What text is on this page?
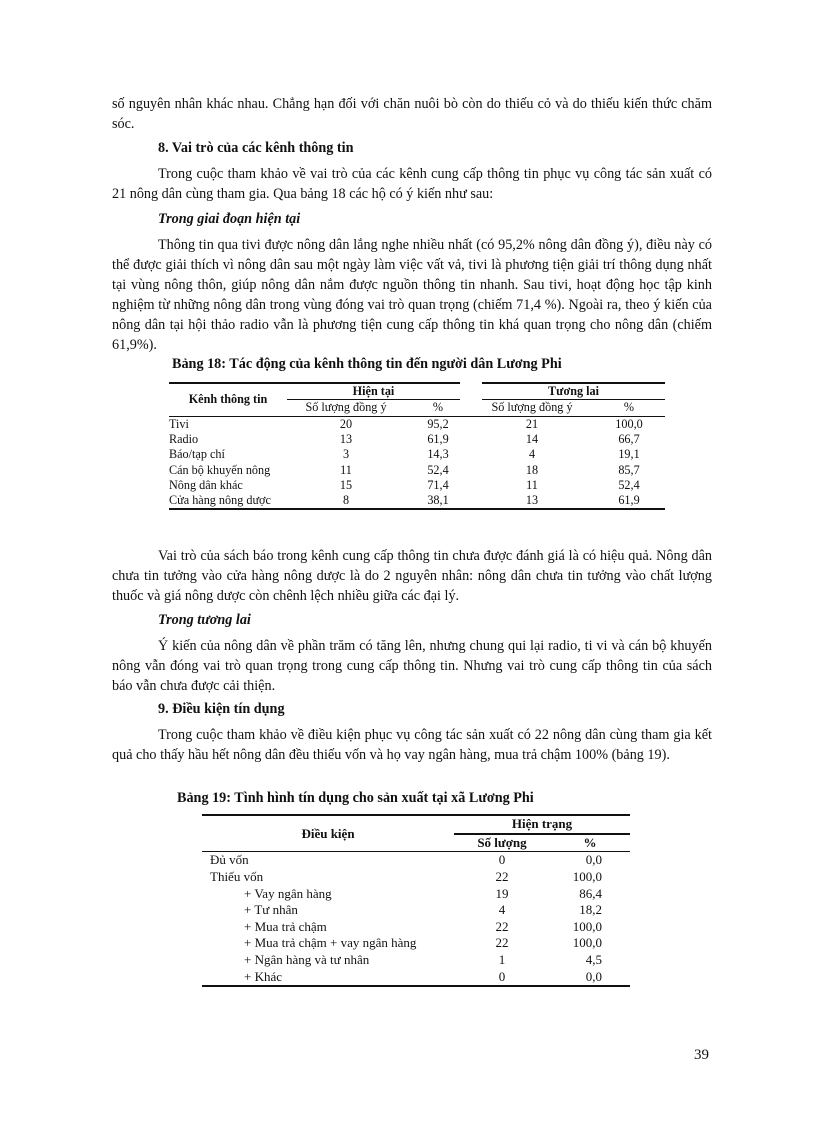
số nguyên nhân khác nhau. Chẳng hạn đối với chăn nuôi bò còn do thiếu cỏ và do thiếu kiến thức chăm sóc.

8. Vai trò của các kênh thông tin

Trong cuộc tham khảo về vai trò của các kênh cung cấp thông tin phục vụ công tác sản xuất có 21 nông dân cùng tham gia. Qua bảng 18 các hộ có ý kiến như sau:

Trong giai đoạn hiện tại

Thông tin qua tivi được nông dân lắng nghe nhiều nhất (có 95,2% nông dân đồng ý), điều này có thể được giải thích vì nông dân sau một ngày làm việc vất vả, tivi là phương tiện giải trí thông dụng nhất tại vùng nông thôn, giúp nông dân nắm được nguồn thông tin nhanh. Sau tivi, hoạt động học tập kinh nghiệm từ những nông dân trong vùng đóng vai trò quan trọng (chiếm 71,4 %). Ngoài ra, theo ý kiến của nông dân tại hội thảo radio vẫn là phương tiện cung cấp thông tin khá quan trọng cho nông dân (chiếm 61,9%).

Bảng 18: Tác động của kênh thông tin đến người dân Lương Phi

Kênh thông tin	Hiện tại		Tương lai	
	Số lượng đồng ý	%	Số lượng đồng ý	%
Tivi	20	95,2	21	100,0
Radio	13	61,9	14	66,7
Báo/tạp chí	3	14,3	4	19,1
Cán bộ khuyến nông	11	52,4	18	85,7
Nông dân khác	15	71,4	11	52,4
Cửa hàng nông dược	8	38,1	13	61,9

Vai trò của sách báo trong kênh cung cấp thông tin chưa được đánh giá là có hiệu quả. Nông dân chưa tin tưởng vào cửa hàng nông dược là do 2 nguyên nhân: nông dân chưa tin tưởng vào chất lượng thuốc và giá nông dược còn chênh lệch nhiều giữa các đại lý.

Trong tương lai

Ý kiến của nông dân về phần trăm có tăng lên, nhưng chung qui lại radio, ti vi và cán bộ khuyến nông vẫn đóng vai trò quan trọng trong cung cấp thông tin. Nhưng vai trò cung cấp thông tin của sách báo vẫn chưa được cải thiện.

9. Điều kiện tín dụng

Trong cuộc tham khảo về điều kiện phục vụ công tác sản xuất có 22 nông dân cùng tham gia kết quả cho thấy hầu hết nông dân đều thiếu vốn và họ vay ngân hàng, mua trả chậm 100% (bảng 19).

Bảng 19: Tình hình tín dụng cho sản xuất tại xã Lương Phi

Điều kiện	Hiện trạng	
	Số lượng	%
Đủ vốn	0	0,0
Thiếu vốn	22	100,0
+ Vay ngân hàng	19	86,4
+ Tư nhân	4	18,2
+ Mua trả chậm	22	100,0
+ Mua trả chậm + vay ngân hàng	22	100,0
+ Ngân hàng và tư nhân	1	4,5
+ Khác	0	0,0

39
